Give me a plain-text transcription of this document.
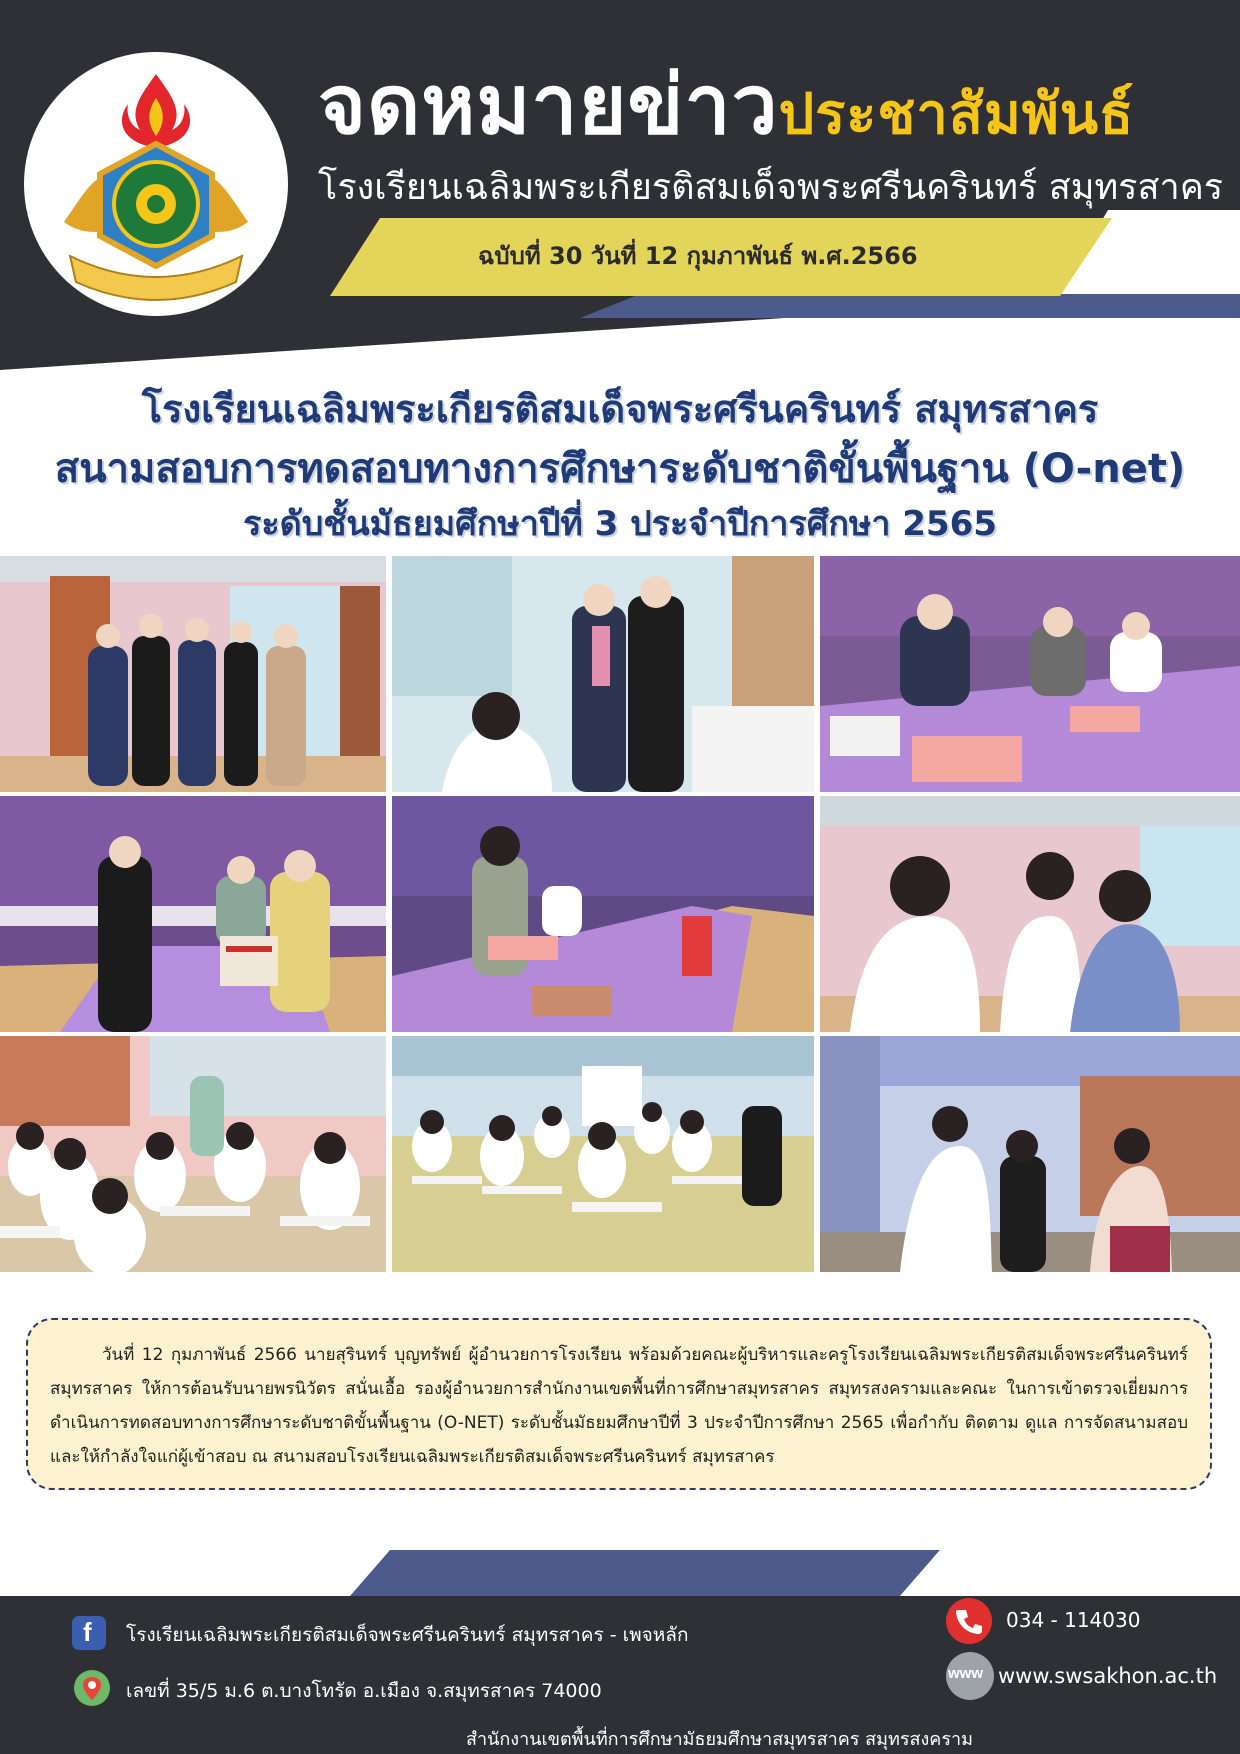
จดหมายข่าวประชาสัมพันธ์
โรงเรียนเฉลิมพระเกียรติสมเด็จพระศรีนครินทร์ สมุทรสาคร
ฉบับที่ 30 วันที่ 12 กุมภาพันธ์ พ.ศ.2566
โรงเรียนเฉลิมพระเกียรติสมเด็จพระศรีนครินทร์ สมุทรสาคร
สนามสอบการทดสอบทางการศึกษาระดับชาติขั้นพื้นฐาน (O-net)
ระดับชั้นมัธยมศึกษาปีที่ 3 ประจำปีการศึกษา 2565

วันที่ 12 กุมภาพันธ์ 2566 นายสุรินทร์ บุญทรัพย์ ผู้อำนวยการโรงเรียน พร้อมด้วยคณะผู้บริหารและครูโรงเรียนเฉลิมพระเกียรติสมเด็จพระศรีนครินทร์ สมุทรสาคร ให้การต้อนรับนายพรนิวัตร สนั่นเอื้อ รองผู้อำนวยการสำนักงานเขตพื้นที่การศึกษาสมุทรสาคร สมุทรสงครามและคณะ ในการเข้าตรวจเยี่ยมการดำเนินการทดสอบทางการศึกษาระดับชาติขั้นพื้นฐาน (O-NET) ระดับชั้นมัธยมศึกษาปีที่ 3 ประจำปีการศึกษา 2565 เพื่อกำกับ ติดตาม ดูแล การจัดสนามสอบและให้กำลังใจแก่ผู้เข้าสอบ ณ สนามสอบโรงเรียนเฉลิมพระเกียรติสมเด็จพระศรีนครินทร์ สมุทรสาคร

f โรงเรียนเฉลิมพระเกียรติสมเด็จพระศรีนครินทร์ สมุทรสาคร - เพจหลัก
เลขที่ 35/5 ม.6 ต.บางโทรัด อ.เมือง จ.สมุทรสาคร 74000
034 - 114030
www www.swsakhon.ac.th
สำนักงานเขตพื้นที่การศึกษามัธยมศึกษาสมุทรสาคร สมุทรสงคราม
